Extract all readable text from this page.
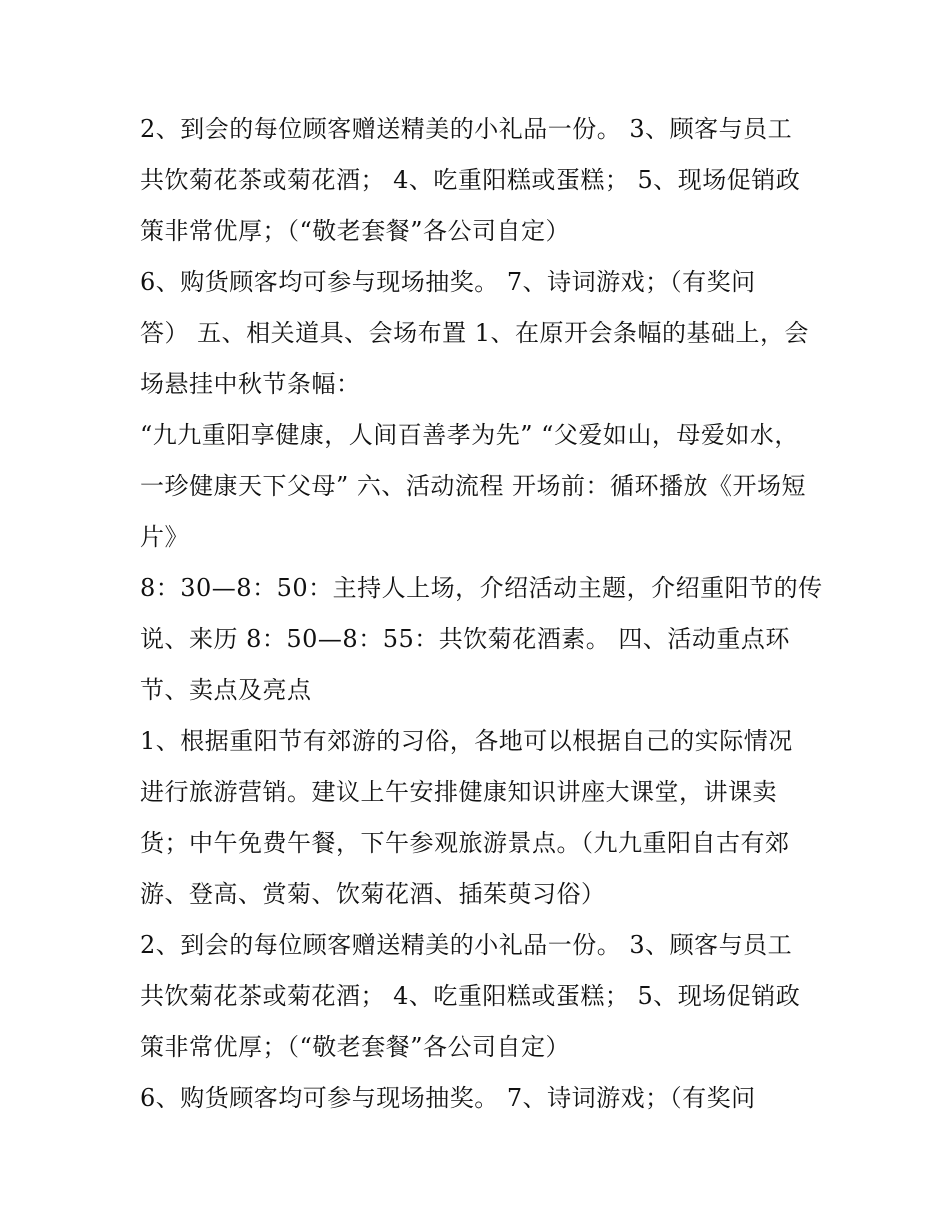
2、到会的每位顾客赠送精美的小礼品一份。 3、顾客与员工
共饮菊花茶或菊花酒； 4、吃重阳糕或蛋糕； 5、现场促销政
策非常优厚；（“敬老套餐”各公司自定）
6、购货顾客均可参与现场抽奖。 7、诗词游戏；（有奖问
答） 五、相关道具、会场布置 1、在原开会条幅的基础上，会
场悬挂中秋节条幅：
“九九重阳享健康，人间百善孝为先” “父爱如山，母爱如水，
一珍健康天下父母” 六、活动流程 开场前：循环播放《开场短
片》
8：30—8：50：主持人上场，介绍活动主题，介绍重阳节的传
说、来历 8：50—8：55：共饮菊花酒素。 四、活动重点环
节、卖点及亮点
1、根据重阳节有郊游的习俗，各地可以根据自己的实际情况
进行旅游营销。建议上午安排健康知识讲座大课堂，讲课卖
货；中午免费午餐，下午参观旅游景点。（九九重阳自古有郊
游、登高、赏菊、饮菊花酒、插茱萸习俗）
2、到会的每位顾客赠送精美的小礼品一份。 3、顾客与员工
共饮菊花茶或菊花酒； 4、吃重阳糕或蛋糕； 5、现场促销政
策非常优厚；（“敬老套餐”各公司自定）
6、购货顾客均可参与现场抽奖。 7、诗词游戏；（有奖问
